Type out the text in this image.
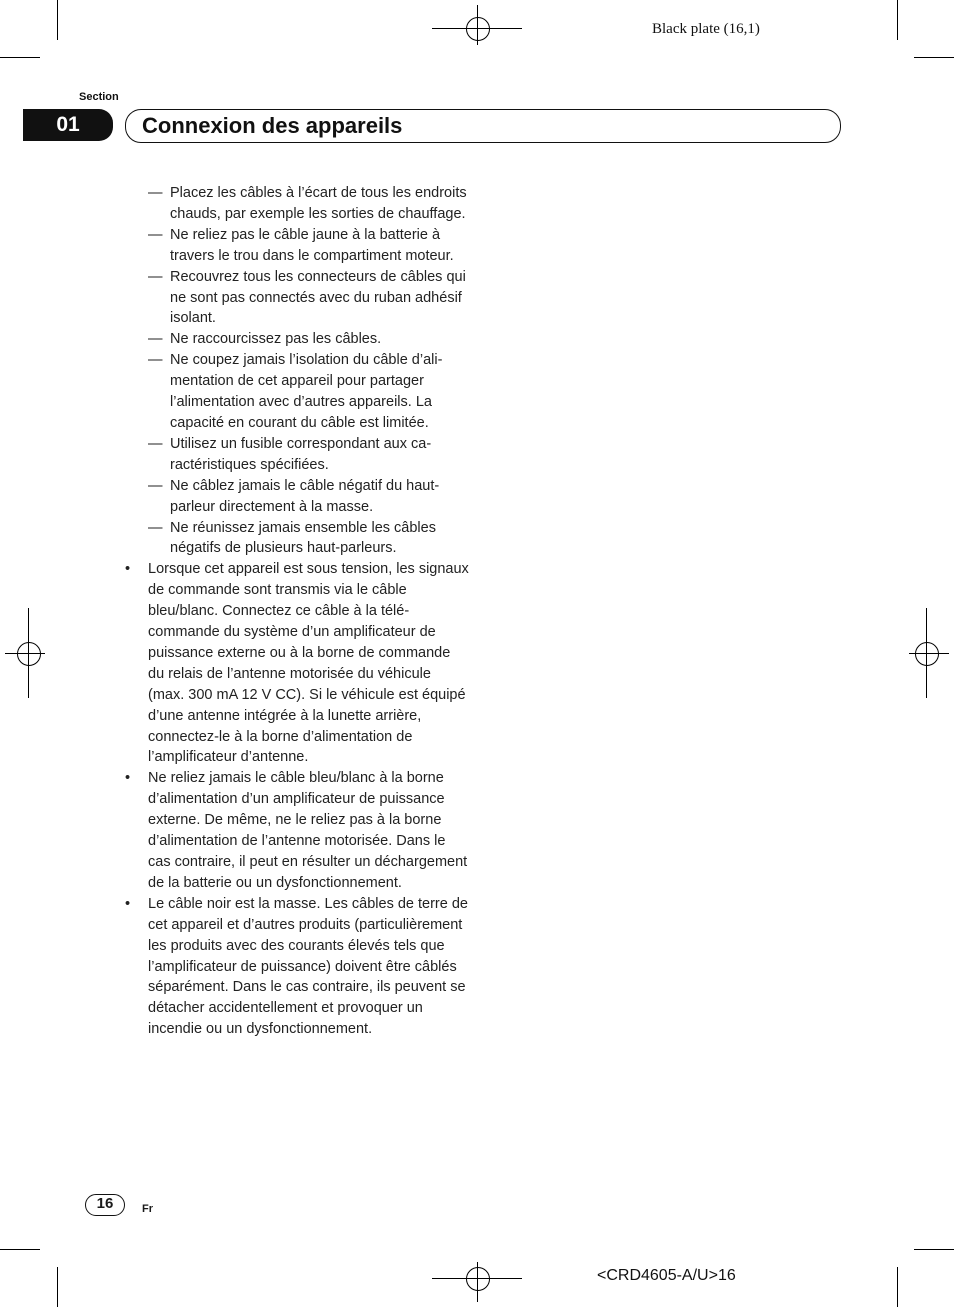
Black plate (16,1)
Section
01	Connexion des appareils
— Placez les câbles à l’écart de tous les endroits chauds, par exemple les sorties de chauffage.
— Ne reliez pas le câble jaune à la batterie à travers le trou dans le compartiment moteur.
— Recouvrez tous les connecteurs de câbles qui ne sont pas connectés avec du ruban adhésif isolant.
— Ne raccourcissez pas les câbles.
— Ne coupez jamais l’isolation du câble d’alimentation de cet appareil pour partager l’alimentation avec d’autres appareils. La capacité en courant du câble est limitée.
— Utilisez un fusible correspondant aux caractéristiques spécifiées.
— Ne câblez jamais le câble négatif du haut-parleur directement à la masse.
— Ne réunissez jamais ensemble les câbles négatifs de plusieurs haut-parleurs.
• Lorsque cet appareil est sous tension, les signaux de commande sont transmis via le câble bleu/blanc. Connectez ce câble à la télécommande du système d’un amplificateur de puissance externe ou à la borne de commande du relais de l’antenne motorisée du véhicule (max. 300 mA 12 V CC). Si le véhicule est équipé d’une antenne intégrée à la lunette arrière, connectez-le à la borne d’alimentation de l’amplificateur d’antenne.
• Ne reliez jamais le câble bleu/blanc à la borne d’alimentation d’un amplificateur de puissance externe. De même, ne le reliez pas à la borne d’alimentation de l’antenne motorisée. Dans le cas contraire, il peut en résulter un déchargement de la batterie ou un dysfonctionnement.
• Le câble noir est la masse. Les câbles de terre de cet appareil et d’autres produits (particulièrement les produits avec des courants élevés tels que l’amplificateur de puissance) doivent être câblés séparément. Dans le cas contraire, ils peuvent se détacher accidentellement et provoquer un incendie ou un dysfonctionnement.
16	Fr
<CRD4605-A/U>16
